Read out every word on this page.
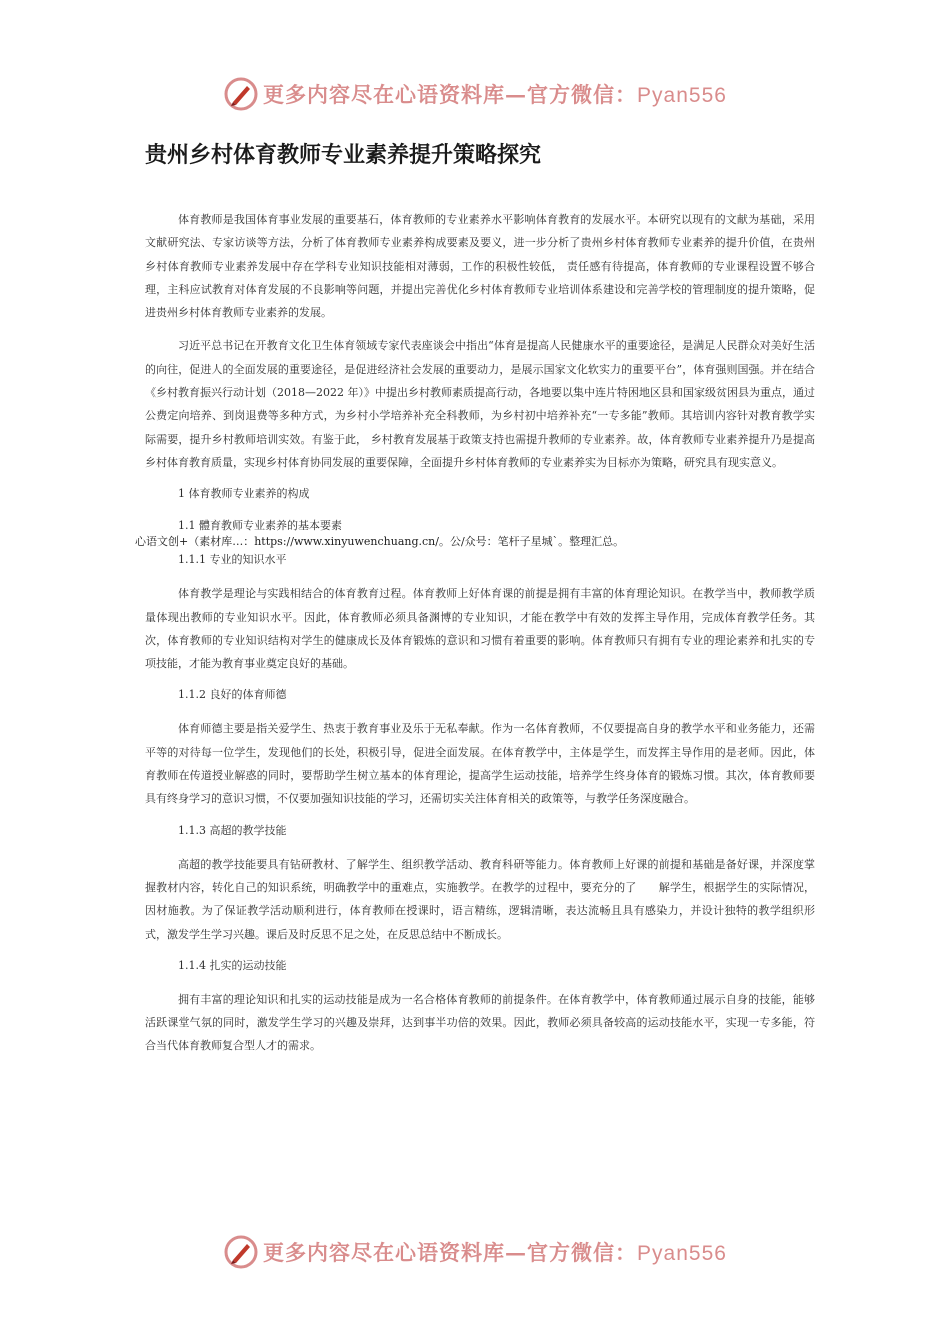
更多内容尽在心语资料库—官方微信：Pyan556
贵州乡村体育教师专业素养提升策略探究

体育教师是我国体育事业发展的重要基石，体育教师的专业素养水平影响体育教育的发展水平。本研究以现有的文献为基础，采用文献研究法、专家访谈等方法，分析了体育教师专业素养构成要素及要义，进一步分析了贵州乡村体育教师专业素养的提升价值，在贵州乡村体育教师专业素养发展中存在学科专业知识技能相对薄弱，工作的积极性较低， 责任感有待提高，体育教师的专业课程设置不够合理，主科应试教育对体育发展的不良影响等问题，并提出完善优化乡村体育教师专业培训体系建设和完善学校的管理制度的提升策略，促进贵州乡村体育教师专业素养的发展。

习近平总书记在开教育文化卫生体育领域专家代表座谈会中指出“体育是提高人民健康水平的重要途径，是满足人民群众对美好生活的向往，促进人的全面发展的重要途径，是促进经济社会发展的重要动力，是展示国家文化软实力的重要平台”，体育强则国强。并在结合《乡村教育振兴行动计划（2018—2022 年）》中提出乡村教师素质提高行动，各地要以集中连片特困地区县和国家级贫困县为重点，通过公费定向培养、到岗退费等多种方式，为乡村小学培养补充全科教师，为乡村初中培养补充“一专多能”教师。其培训内容针对教育教学实际需要，提升乡村教师培训实效。有鉴于此， 乡村教育发展基于政策支持也需提升教师的专业素养。故，体育教师专业素养提升乃是提高乡村体育教育质量，实现乡村体育协同发展的重要保障，全面提升乡村体育教师的专业素养实为目标亦为策略，研究具有现实意义。

1 体育教师专业素养的构成

1.1 體育教师专业素养的基本要素

心语文创+（素材库…：https://www.xinyuwenchuang.cn/。公/众号：笔杆子星城`。整理汇总。

1.1.1 专业的知识水平

体育教学是理论与实践相结合的体育教育过程。体育教师上好体育课的前提是拥有丰富的体育理论知识。在教学当中，教师教学质量体现出教师的专业知识水平。因此，体育教师必须具备渊博的专业知识，才能在教学中有效的发挥主导作用，完成体育教学任务。其次，体育教师的专业知识结构对学生的健康成长及体育锻炼的意识和习惯有着重要的影响。体育教师只有拥有专业的理论素养和扎实的专项技能，才能为教育事业奠定良好的基础。

1.1.2 良好的体育师德

体育师德主要是指关爱学生、热衷于教育事业及乐于无私奉献。作为一名体育教师，不仅要提高自身的教学水平和业务能力，还需平等的对待每一位学生，发现他们的长处，积极引导，促进全面发展。在体育教学中，主体是学生，而发挥主导作用的是老师。因此，体育教师在传道授业解惑的同时，要帮助学生树立基本的体育理论，提高学生运动技能，培养学生终身体育的锻炼习惯。其次，体育教师要具有终身学习的意识习惯，不仅要加强知识技能的学习，还需切实关注体育相关的政策等，与教学任务深度融合。

1.1.3 高超的教学技能

高超的教学技能要具有钻研教材、了解学生、组织教学活动、教育科研等能力。体育教师上好课的前提和基础是备好课，并深度掌握教材内容，转化自己的知识系统，明确教学中的重难点，实施教学。在教学的过程中，要充分的了　　解学生，根据学生的实际情况，因材施教。为了保证教学活动顺利进行，体育教师在授课时，语言精练，逻辑清晰，表达流畅且具有感染力，并设计独特的教学组织形式，激发学生学习兴趣。课后及时反思不足之处，在反思总结中不断成长。

1.1.4 扎实的运动技能

拥有丰富的理论知识和扎实的运动技能是成为一名合格体育教师的前提条件。在体育教学中，体育教师通过展示自身的技能，能够活跃课堂气氛的同时，激发学生学习的兴趣及崇拜，达到事半功倍的效果。因此，教师必须具备较高的运动技能水平，实现一专多能，符合当代体育教师复合型人才的需求。

更多内容尽在心语资料库—官方微信：Pyan556
